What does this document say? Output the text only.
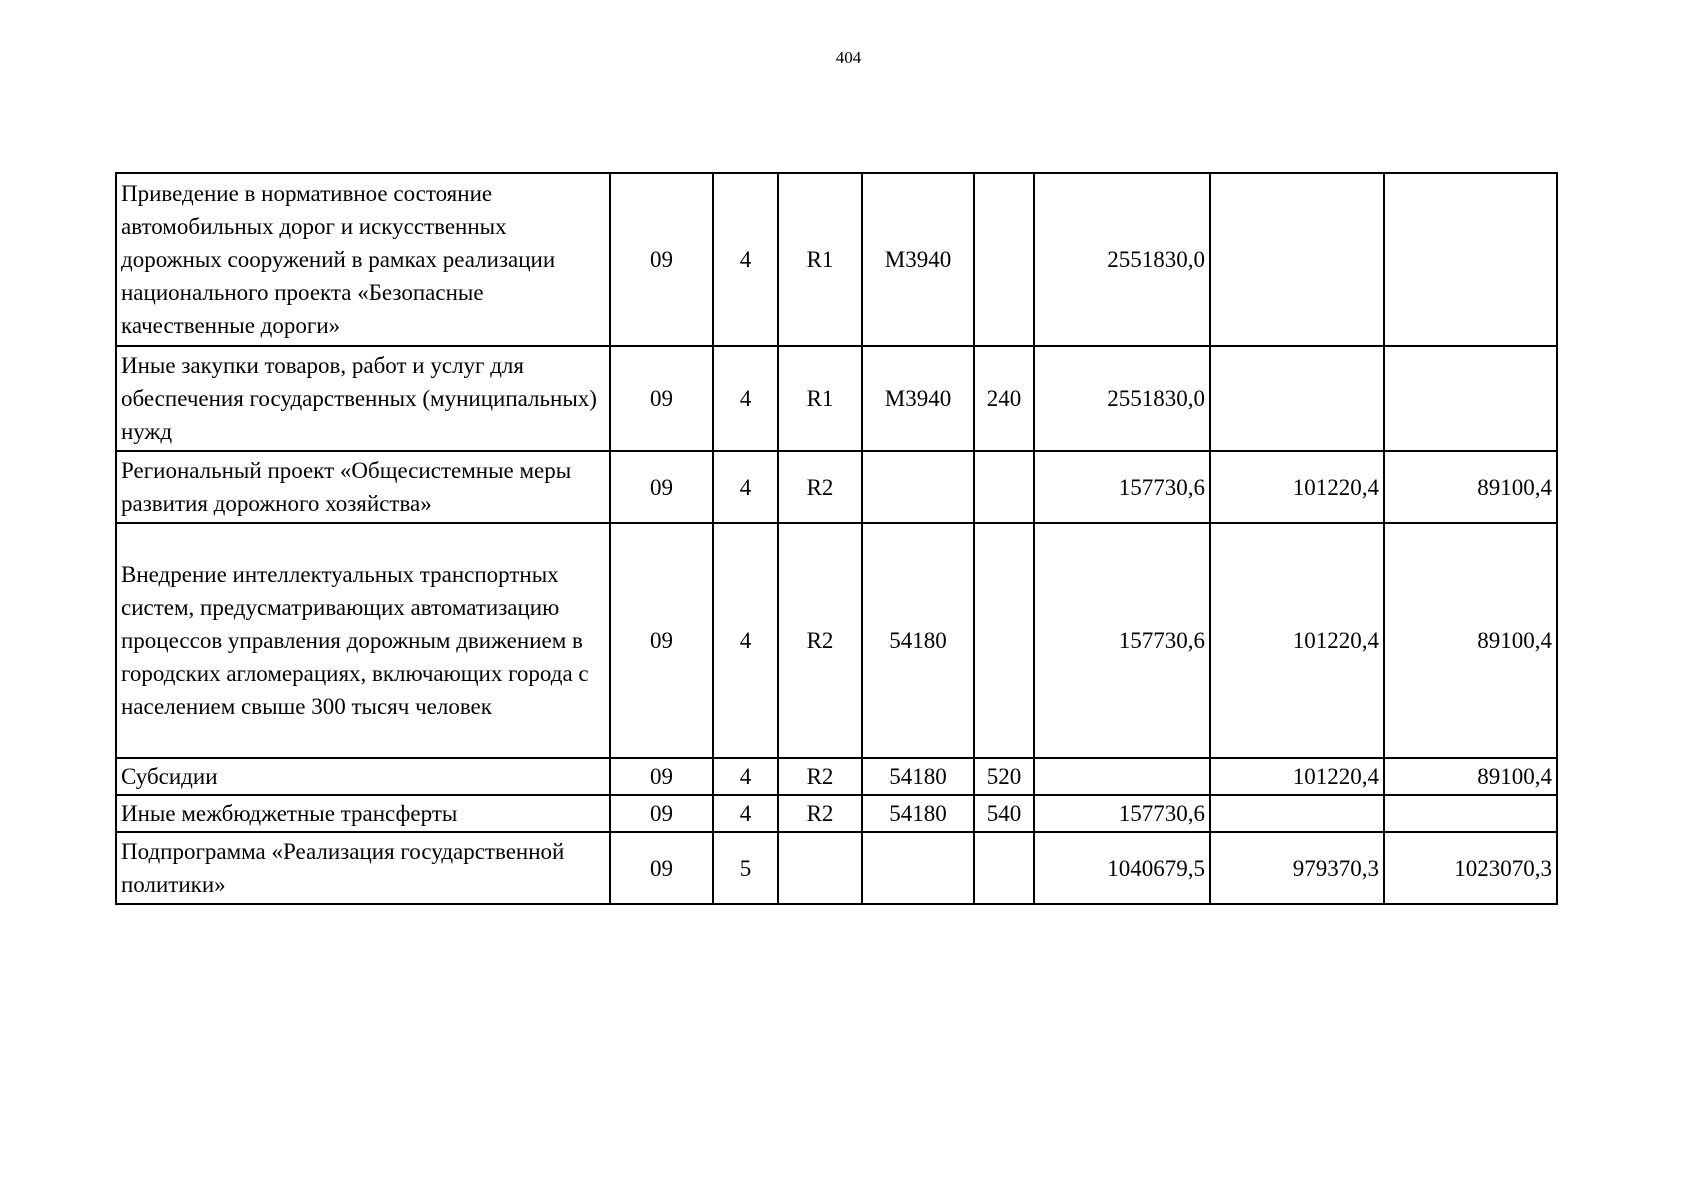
404
Приведение в нормативное состояние автомобильных дорог и искусственных дорожных сооружений в рамках реализации национального проекта «Безопасные качественные дороги»	09	4	R1	М3940		2551830,0		
Иные закупки товаров, работ и услуг для обеспечения государственных (муниципальных) нужд	09	4	R1	М3940	240	2551830,0		
Региональный проект «Общесистемные меры развития дорожного хозяйства»	09	4	R2			157730,6	101220,4	89100,4
Внедрение интеллектуальных транспортных систем, предусматривающих автоматизацию процессов управления дорожным движением в городских агломерациях, включающих города с населением свыше 300 тысяч человек	09	4	R2	54180		157730,6	101220,4	89100,4
Субсидии	09	4	R2	54180	520		101220,4	89100,4
Иные межбюджетные трансферты	09	4	R2	54180	540	157730,6		
Подпрограмма «Реализация государственной политики»	09	5				1040679,5	979370,3	1023070,3
